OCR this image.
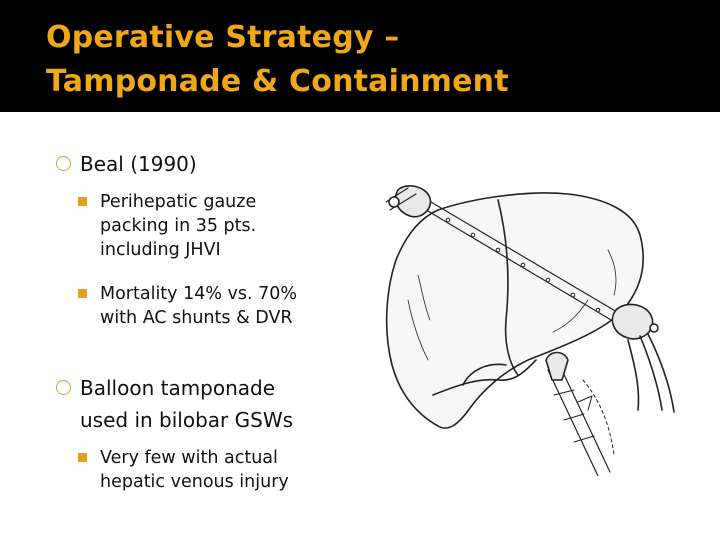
Operative Strategy –
Tamponade & Containment
Beal (1990)
Perihepatic gauze
packing in 35 pts.
including JHVI
Mortality 14% vs. 70%
with AC shunts & DVR
Balloon tamponade
used in bilobar GSWs
Very few with actual
hepatic venous injury
